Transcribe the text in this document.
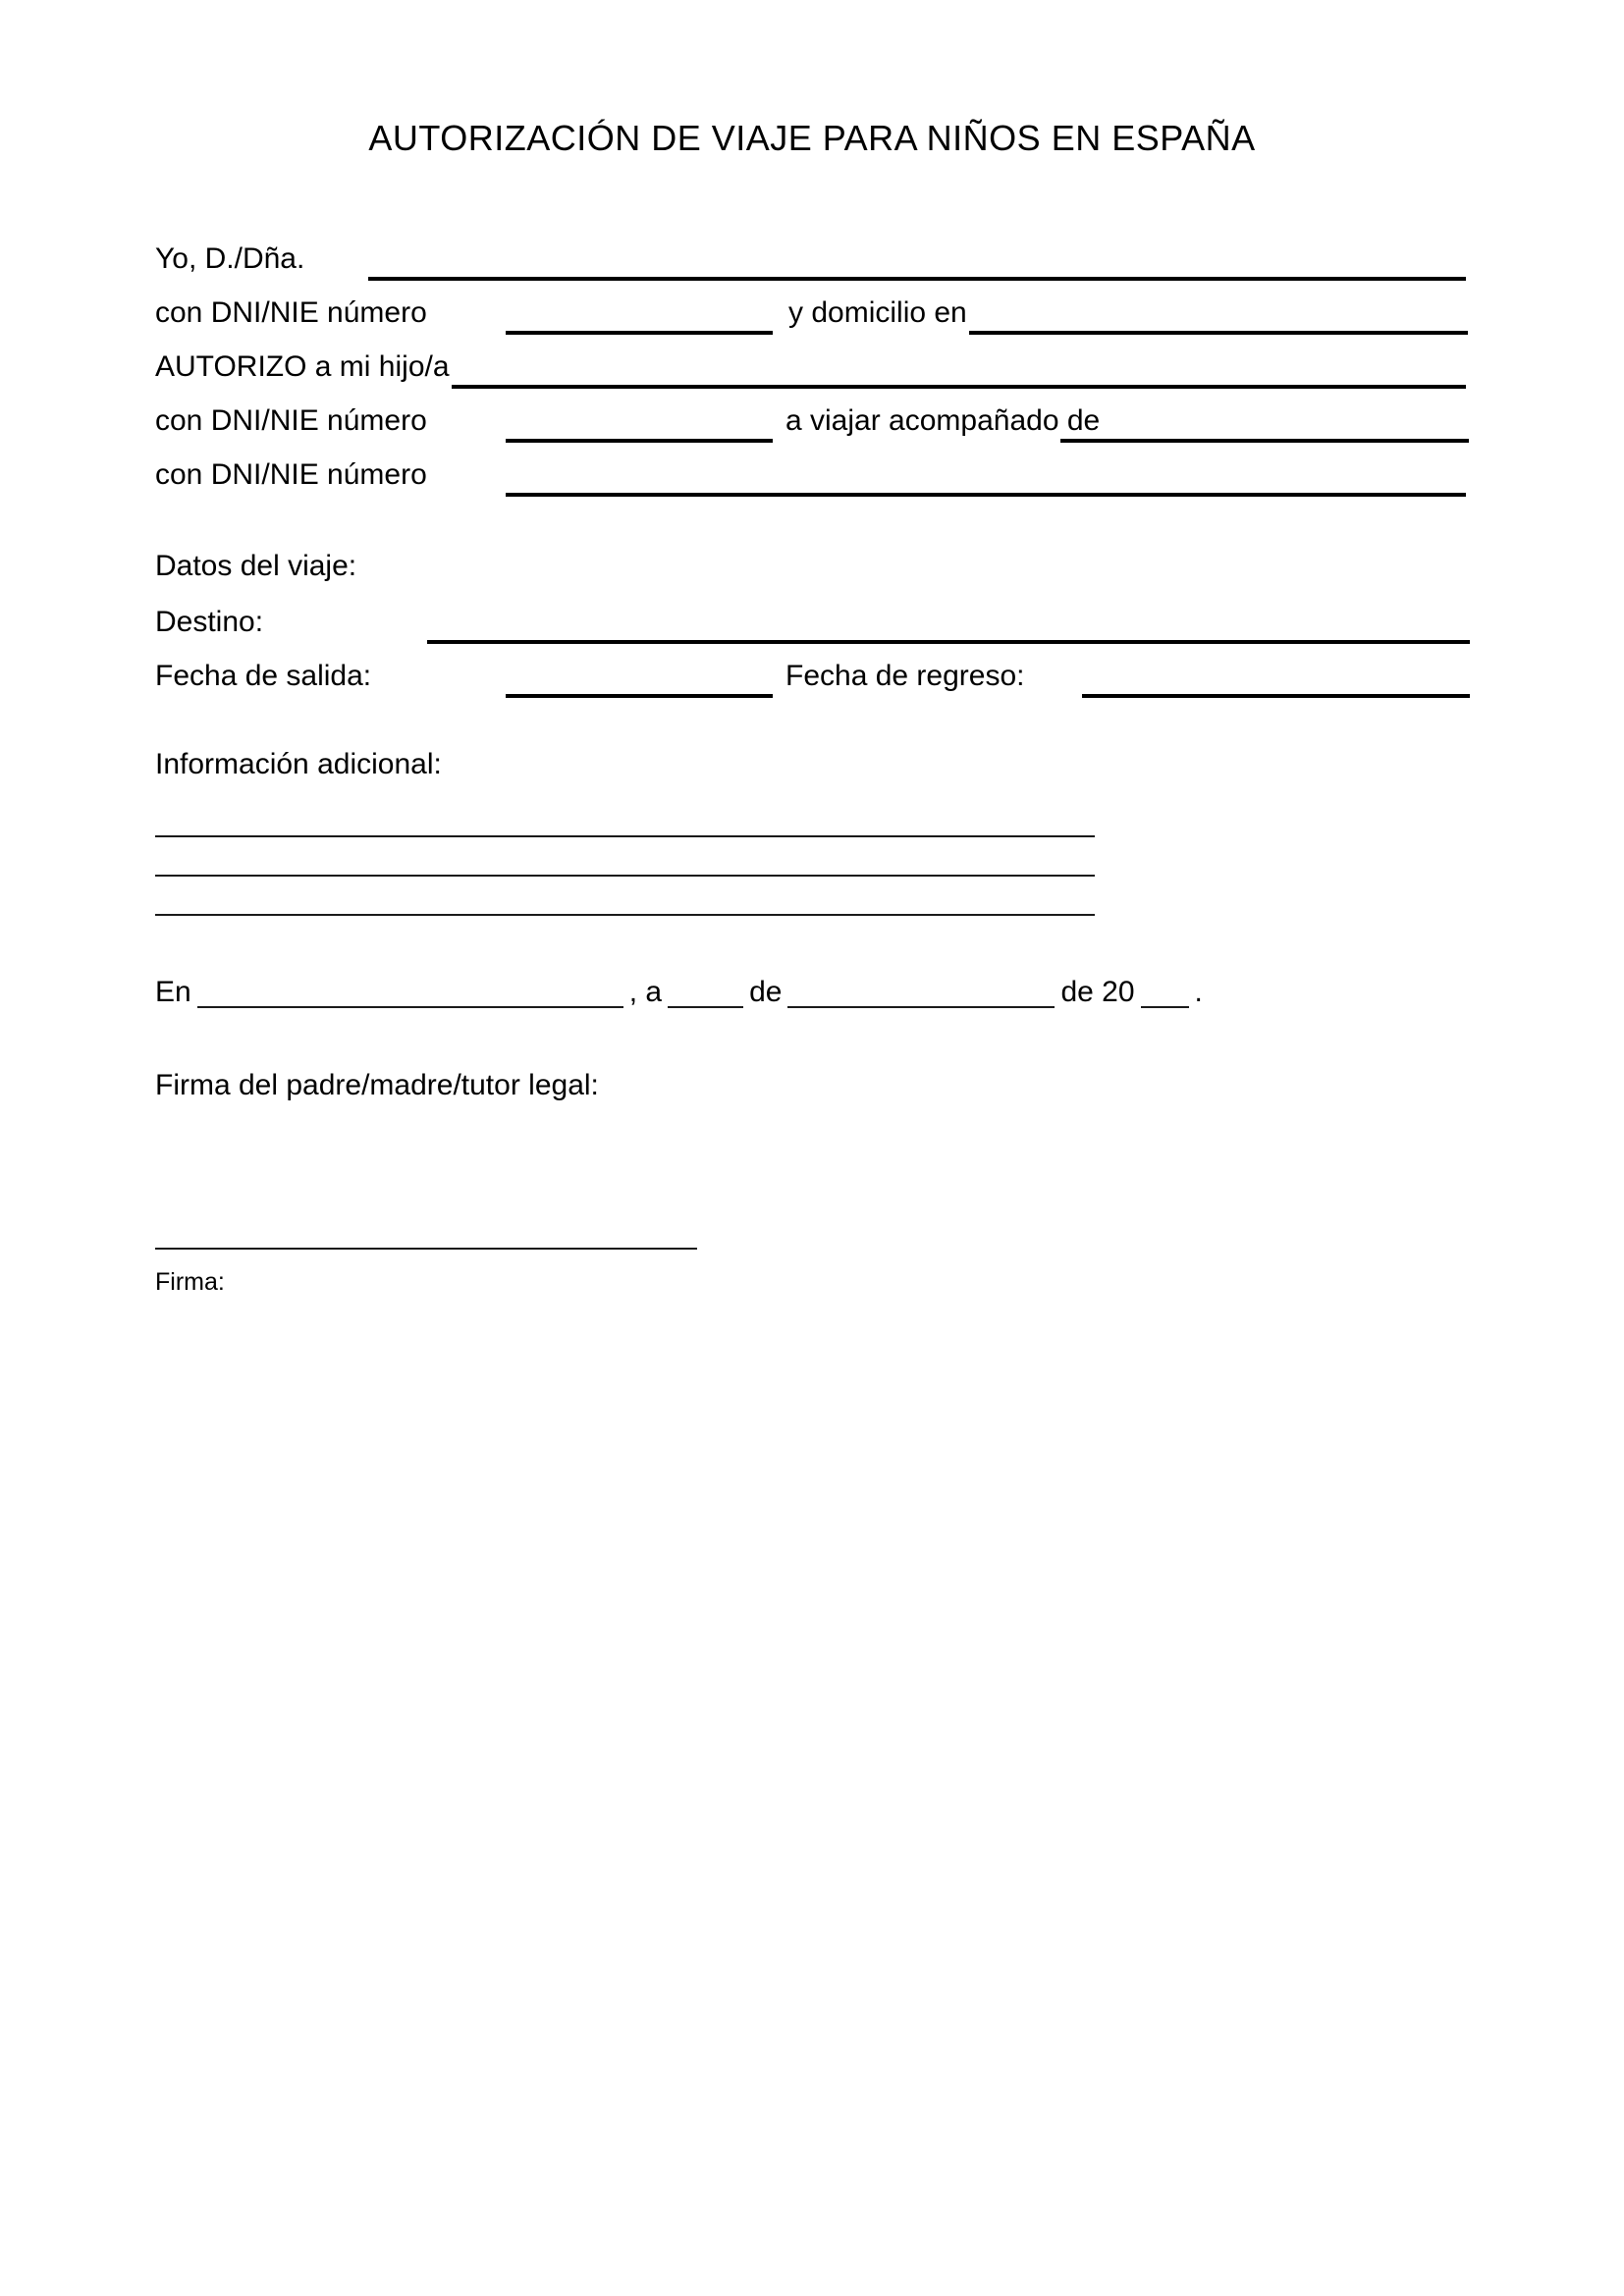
AUTORIZACIÓN DE VIAJE PARA NIÑOS EN ESPAÑA
Yo, D./Dña.
con DNI/NIE número	y domicilio en
AUTORIZO a mi hijo/a
con DNI/NIE número	a viajar acompañado de
con DNI/NIE número
Datos del viaje:
Destino:
Fecha de salida:	Fecha de regreso:
Información adicional:
En	, a	de	de 20 .
Firma del padre/madre/tutor legal:
Firma:
